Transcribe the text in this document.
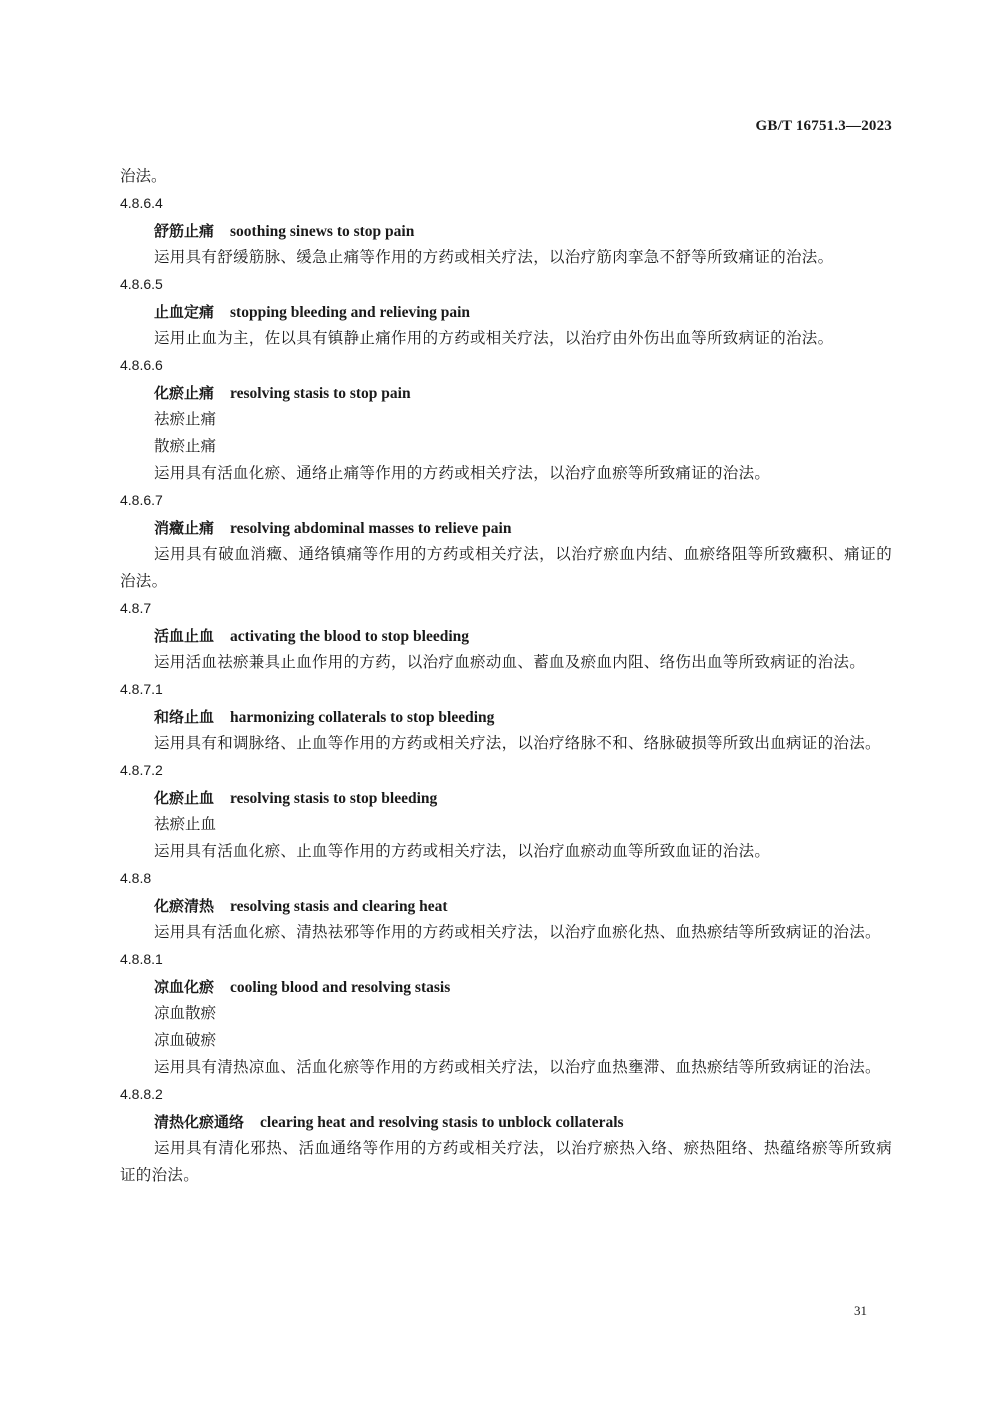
GB/T 16751.3—2023
治法。
4.8.6.4
舒筋止痛 soothing sinews to stop pain
运用具有舒缓筋脉、缓急止痛等作用的方药或相关疗法，以治疗筋肉挛急不舒等所致痛证的治法。
4.8.6.5
止血定痛 stopping bleeding and relieving pain
运用止血为主，佐以具有镇静止痛作用的方药或相关疗法，以治疗由外伤出血等所致病证的治法。
4.8.6.6
化瘀止痛 resolving stasis to stop pain
祛瘀止痛
散瘀止痛
运用具有活血化瘀、通络止痛等作用的方药或相关疗法，以治疗血瘀等所致痛证的治法。
4.8.6.7
消癥止痛 resolving abdominal masses to relieve pain
运用具有破血消癥、通络镇痛等作用的方药或相关疗法，以治疗瘀血内结、血瘀络阻等所致癥积、痛证的治法。
4.8.7
活血止血 activating the blood to stop bleeding
运用活血祛瘀兼具止血作用的方药，以治疗血瘀动血、蓄血及瘀血内阻、络伤出血等所致病证的治法。
4.8.7.1
和络止血 harmonizing collaterals to stop bleeding
运用具有和调脉络、止血等作用的方药或相关疗法，以治疗络脉不和、络脉破损等所致出血病证的治法。
4.8.7.2
化瘀止血 resolving stasis to stop bleeding
祛瘀止血
运用具有活血化瘀、止血等作用的方药或相关疗法，以治疗血瘀动血等所致血证的治法。
4.8.8
化瘀清热 resolving stasis and clearing heat
运用具有活血化瘀、清热祛邪等作用的方药或相关疗法，以治疗血瘀化热、血热瘀结等所致病证的治法。
4.8.8.1
凉血化瘀 cooling blood and resolving stasis
凉血散瘀
凉血破瘀
运用具有清热凉血、活血化瘀等作用的方药或相关疗法，以治疗血热壅滞、血热瘀结等所致病证的治法。
4.8.8.2
清热化瘀通络 clearing heat and resolving stasis to unblock collaterals
运用具有清化邪热、活血通络等作用的方药或相关疗法，以治疗瘀热入络、瘀热阻络、热蕴络瘀等所致病证的治法。
31
